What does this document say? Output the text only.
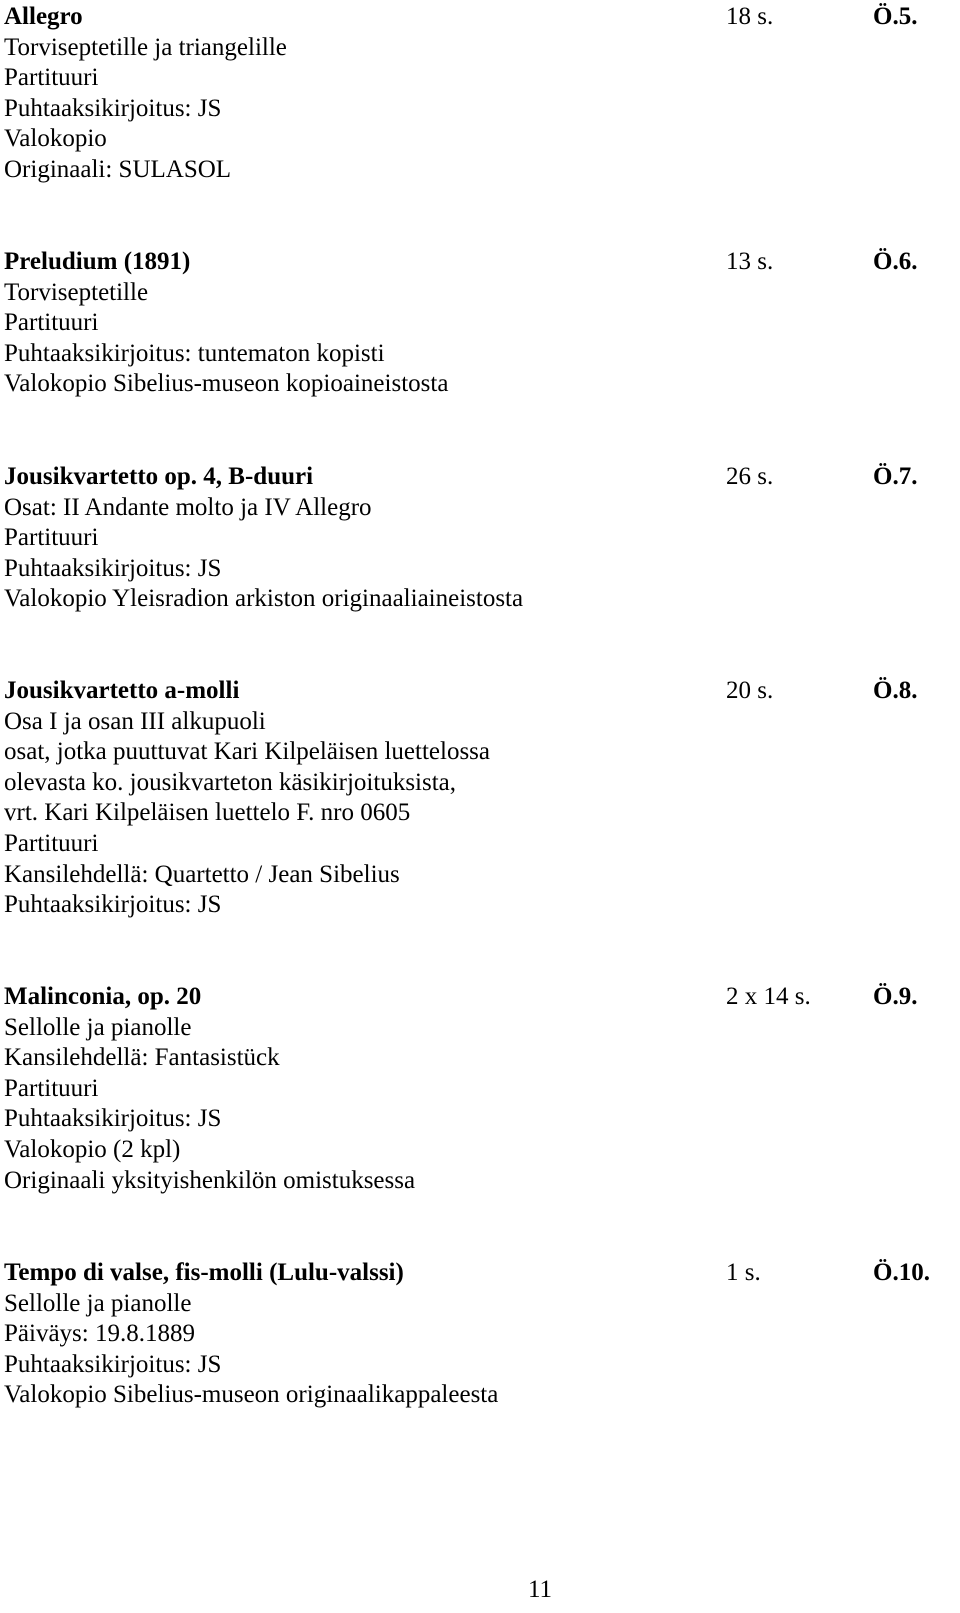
Allegro	18 s.	Ö.5.
Torviseptetille ja triangelille
Partituuri
Puhtaaksikirjoitus: JS
Valokopio
Originaali: SULASOL
Preludium (1891)	13 s.	Ö.6.
Torviseptetille
Partituuri
Puhtaaksikirjoitus: tuntematon kopisti
Valokopio Sibelius-museon kopioaineistosta
Jousikvartetto op. 4, B-duuri	26 s.	Ö.7.
Osat: II Andante molto ja IV Allegro
Partituuri
Puhtaaksikirjoitus: JS
Valokopio Yleisradion arkiston originaaliaineistosta
Jousikvartetto a-molli	20 s.	Ö.8.
Osa I ja osan III alkupuoli
osat, jotka puuttuvat Kari Kilpeläisen luettelossa
olevasta ko. jousikvarteton käsikirjoituksista,
vrt. Kari Kilpeläisen luettelo F. nro 0605
Partituuri
Kansilehdellä: Quartetto / Jean Sibelius
Puhtaaksikirjoitus: JS
Malinconia, op. 20	2 x 14 s. Ö.9.
Sellolle ja pianolle
Kansilehdellä: Fantasistück
Partituuri
Puhtaaksikirjoitus: JS
Valokopio (2 kpl)
Originaali yksityishenkilön omistuksessa
Tempo di valse, fis-molli (Lulu-valssi)	1 s.	Ö.10.
Sellolle ja pianolle
Päiväys: 19.8.1889
Puhtaaksikirjoitus: JS
Valokopio Sibelius-museon originaalikappaleesta
11
